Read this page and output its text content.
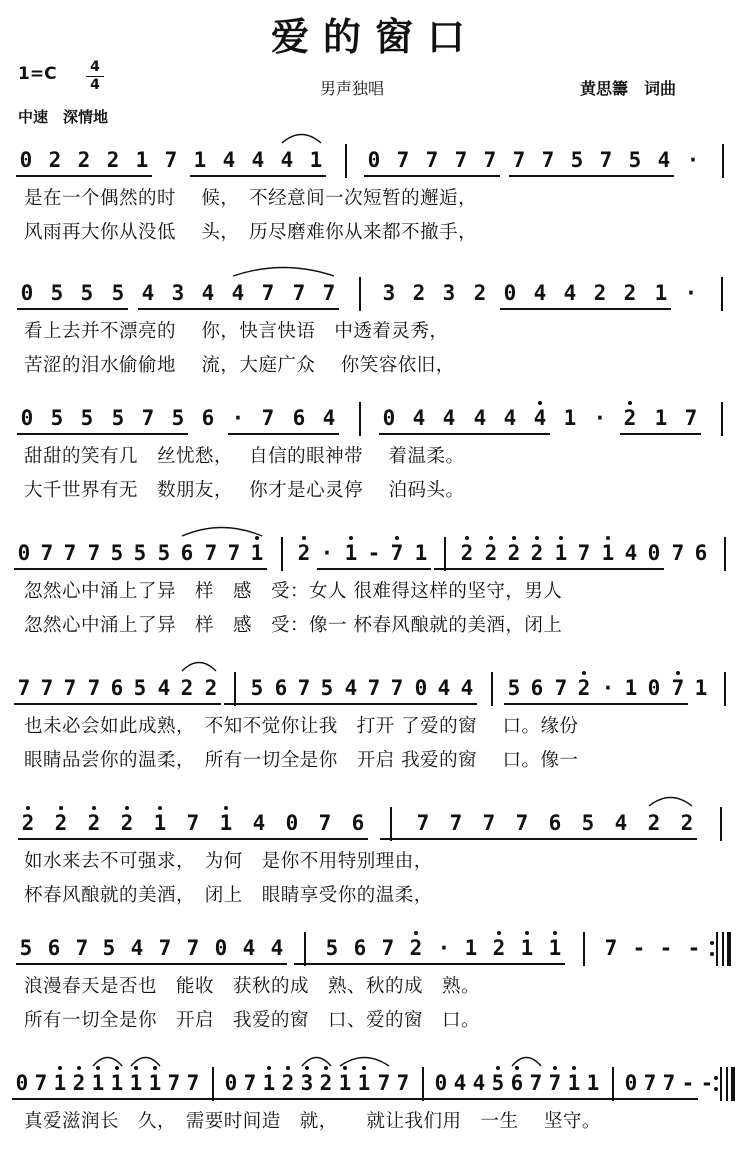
爱的窗口
1=C 4
4
中速　深情地
男声独唱	黄思籌　词曲
0 2 2 2 1 7 1 4 4 4 1 0 7 7 7 7 7 7 5 7 5 4 ·
是在一个偶然的时　 候，　不经意间一次短暂的邂逅，
风雨再大你从没低　 头，　历尽磨难你从来都不撤手，
0 5 5 5 4 3 4 4 7 7 7 3 2 3 2 0 4 4 2 2 1 ·
看上去并不漂亮的　 你，快言快语　中透着灵秀，
苦涩的泪水偷偷地　 流，大庭广众　 你笑容依旧，
0 5 5 5 7 5 6 · 7 6 4 0 4 4 4 4 4 1 · 2 1 7
甜甜的笑有几　丝忧愁，　 自信的眼神带　 着温柔。
大千世界有无　数朋友，　 你才是心灵停　 泊码头。
0 7 7 7 5 5 5 6 7 7 1 2 · 1 - 7 1 2 2 2 2 1 7 1 4 0 7 6
忽然心中涌上了异　样　感　受：女人 很难得这样的坚守，男人
忽然心中涌上了异　样　感　受：像一 杯春风酿就的美酒，闭上
7 7 7 7 6 5 4 2 2 5 6 7 5 4 7 7 0 4 4 5 6 7 2 · 1 0 7 1
也未必会如此成熟，　不知不觉你让我　打开 了爱的窗　 口。缘份
眼睛品尝你的温柔，　所有一切全是你　开启 我爱的窗　 口。像一
2 2 2 2 1 7 1 4 0 7 6 7 7 7 7 6 5 4 2 2
如水来去不可强求，　为何　是你不用特别理由，
杯春风酿就的美酒，　闭上　眼睛享受你的温柔，
5 6 7 5 4 7 7 0 4 4 5 6 7 2 · 1 2 1 1 7 - - -
浪漫春天是否也　能收　获秋的成　熟、秋的成　熟。
所有一切全是你　开启　我爱的窗　口、爱的窗　口。
0 7 1 2 1 1 1 1 7 7 0 7 1 2 3 2 1 1 7 7 0 4 4 5 6 7 7 1 1 0 7 7 - -
真爱滋润长　久，　需要时间造　就，　　就让我们用　一生　 坚守。
